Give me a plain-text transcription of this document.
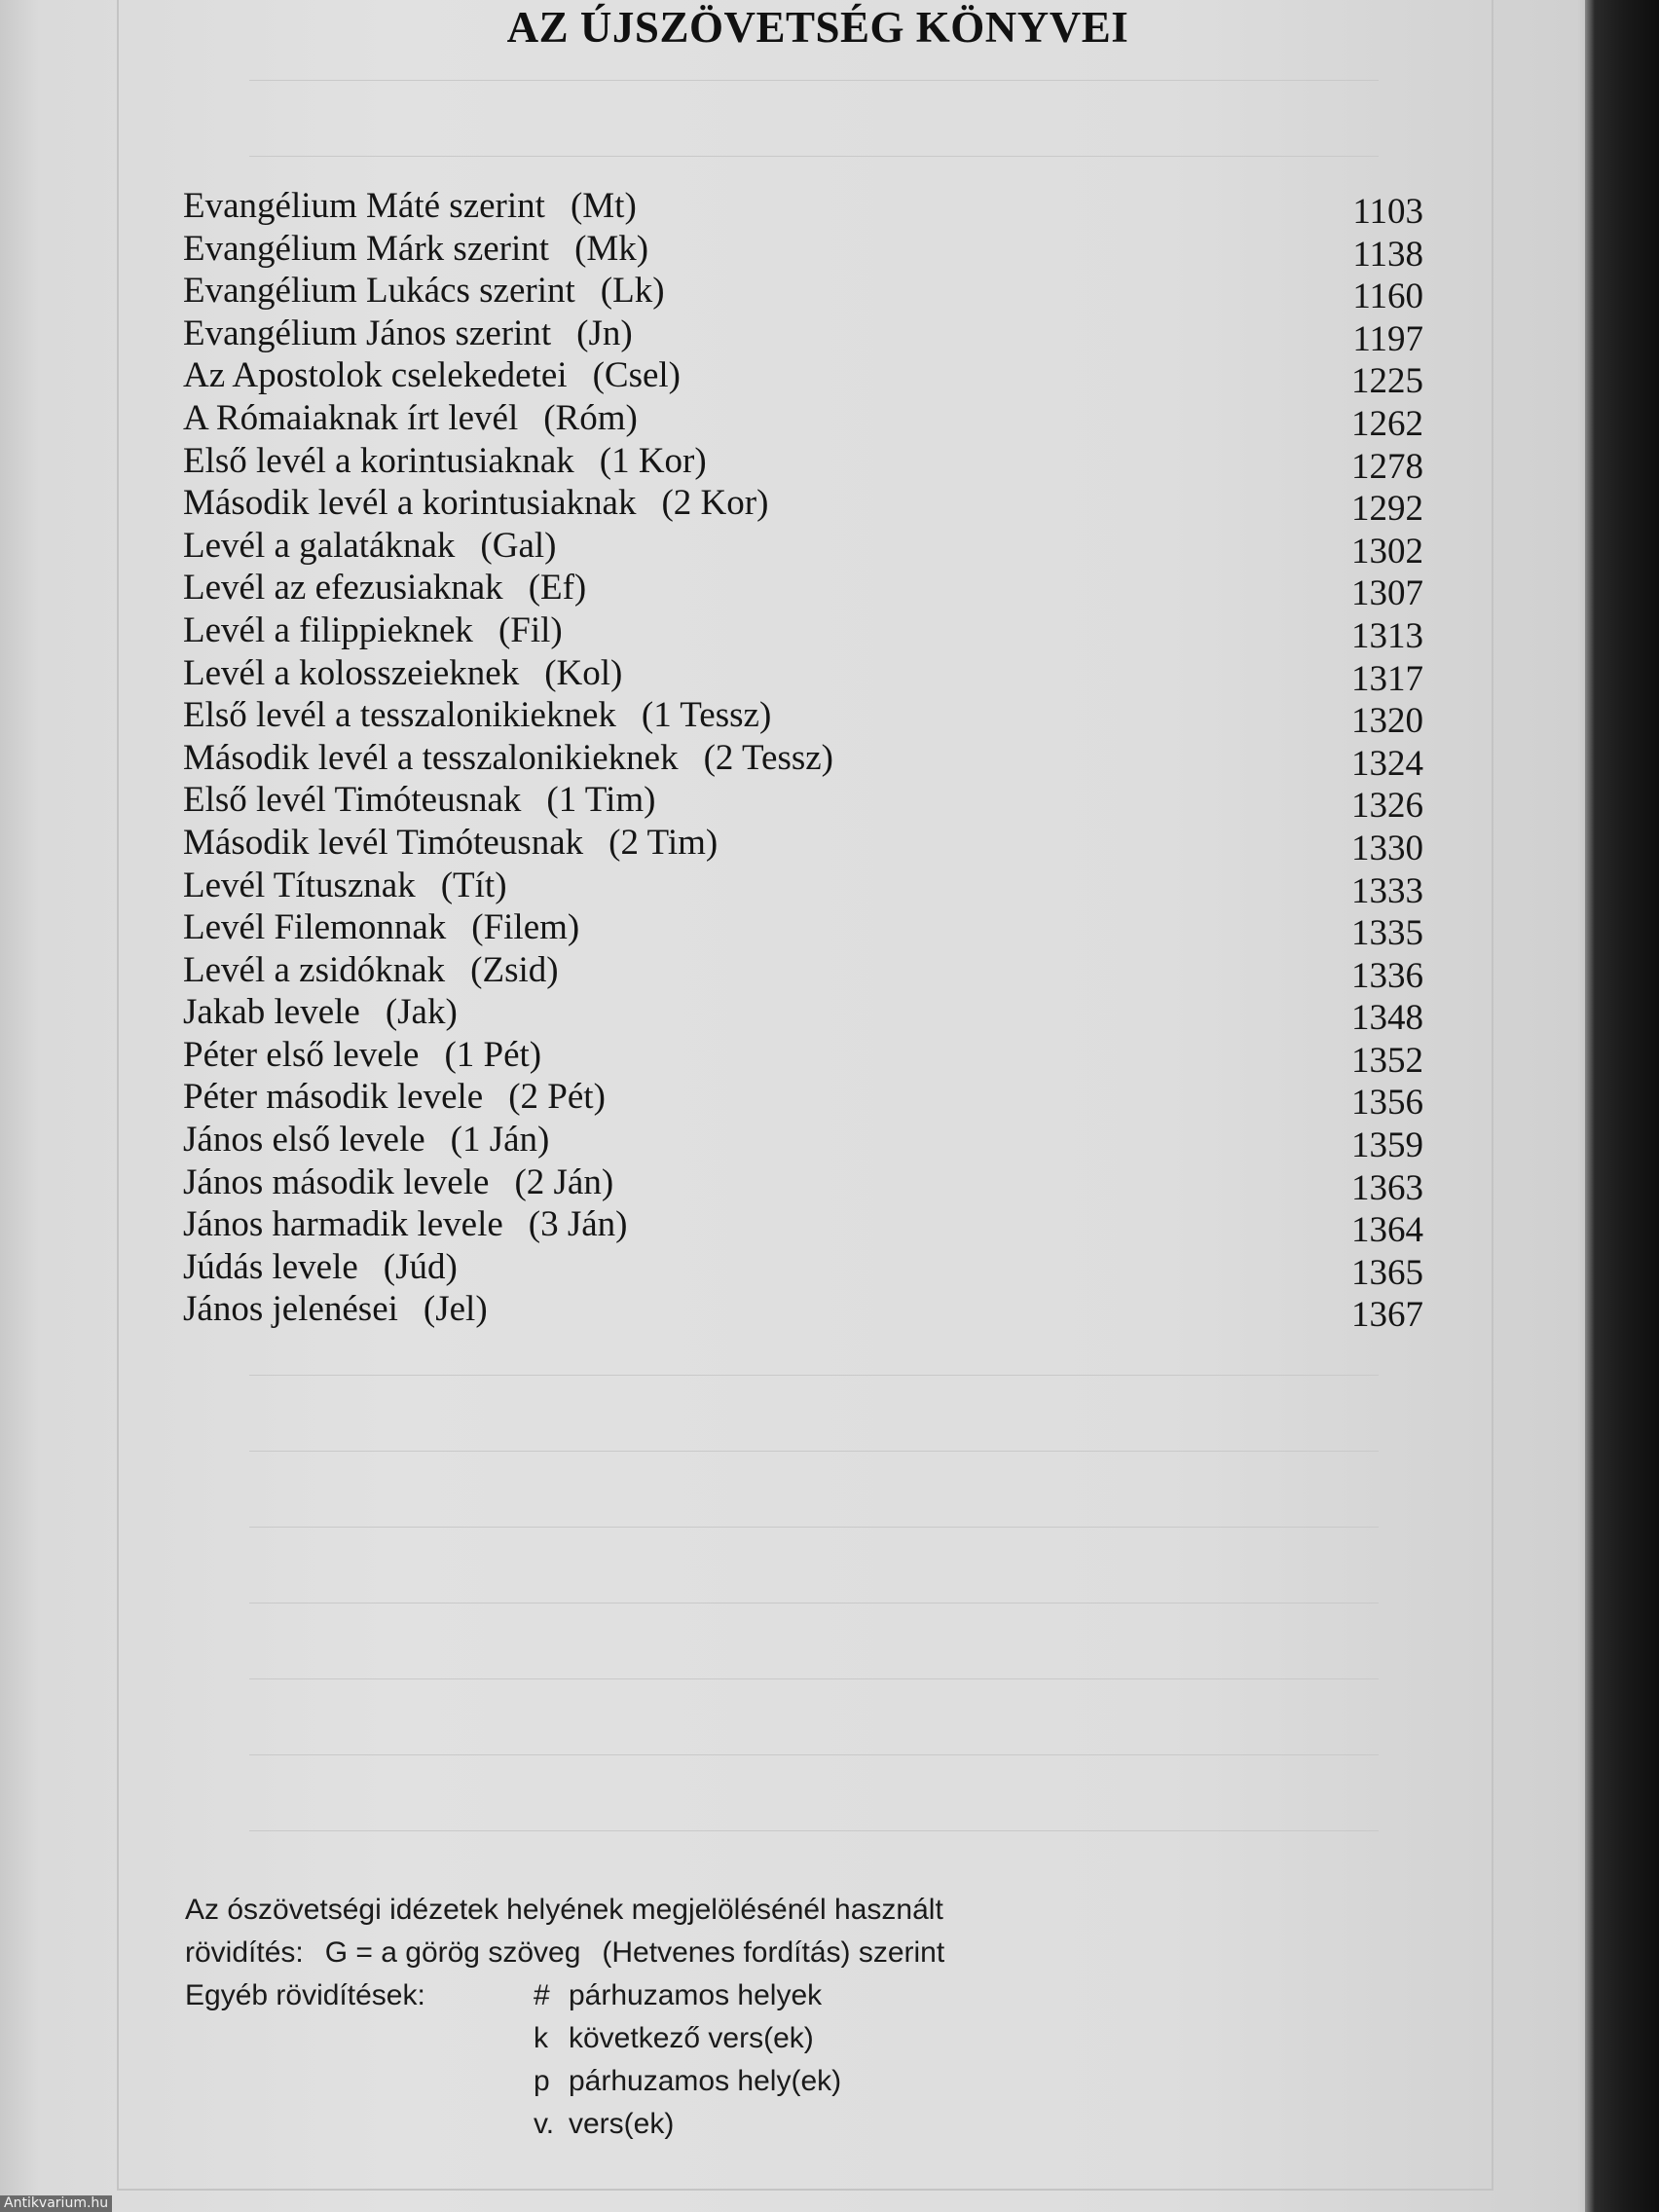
AZ ÚJSZÖVETSÉG KÖNYVEI
Evangélium Máté szerint (Mt)	1103
Evangélium Márk szerint (Mk)	1138
Evangélium Lukács szerint (Lk)	1160
Evangélium János szerint (Jn)	1197
Az Apostolok cselekedetei (Csel)	1225
A Rómaiaknak írt levél (Róm)	1262
Első levél a korintusiaknak (1 Kor)	1278
Második levél a korintusiaknak (2 Kor)	1292
Levél a galatáknak (Gal)	1302
Levél az efezusiaknak (Ef)	1307
Levél a filippieknek (Fil)	1313
Levél a kolosszeieknek (Kol)	1317
Első levél a tesszalonikieknek (1 Tessz)	1320
Második levél a tesszalonikieknek (2 Tessz)	1324
Első levél Timóteusnak (1 Tim)	1326
Második levél Timóteusnak (2 Tim)	1330
Levél Títusznak (Tít)	1333
Levél Filemonnak (Filem)	1335
Levél a zsidóknak (Zsid)	1336
Jakab levele (Jak)	1348
Péter első levele (1 Pét)	1352
Péter második levele (2 Pét)	1356
János első levele (1 Ján)	1359
János második levele (2 Ján)	1363
János harmadik levele (3 Ján)	1364
Júdás levele (Júd)	1365
János jelenései (Jel)	1367
Az ószövetségi idézetek helyének megjelölésénél használt
rövidítés: G = a görög szöveg (Hetvenes fordítás) szerint
Egyéb rövidítések:	# párhuzamos helyek
k következő vers(ek)
p párhuzamos hely(ek)
v. vers(ek)
Antikvarium.hu
